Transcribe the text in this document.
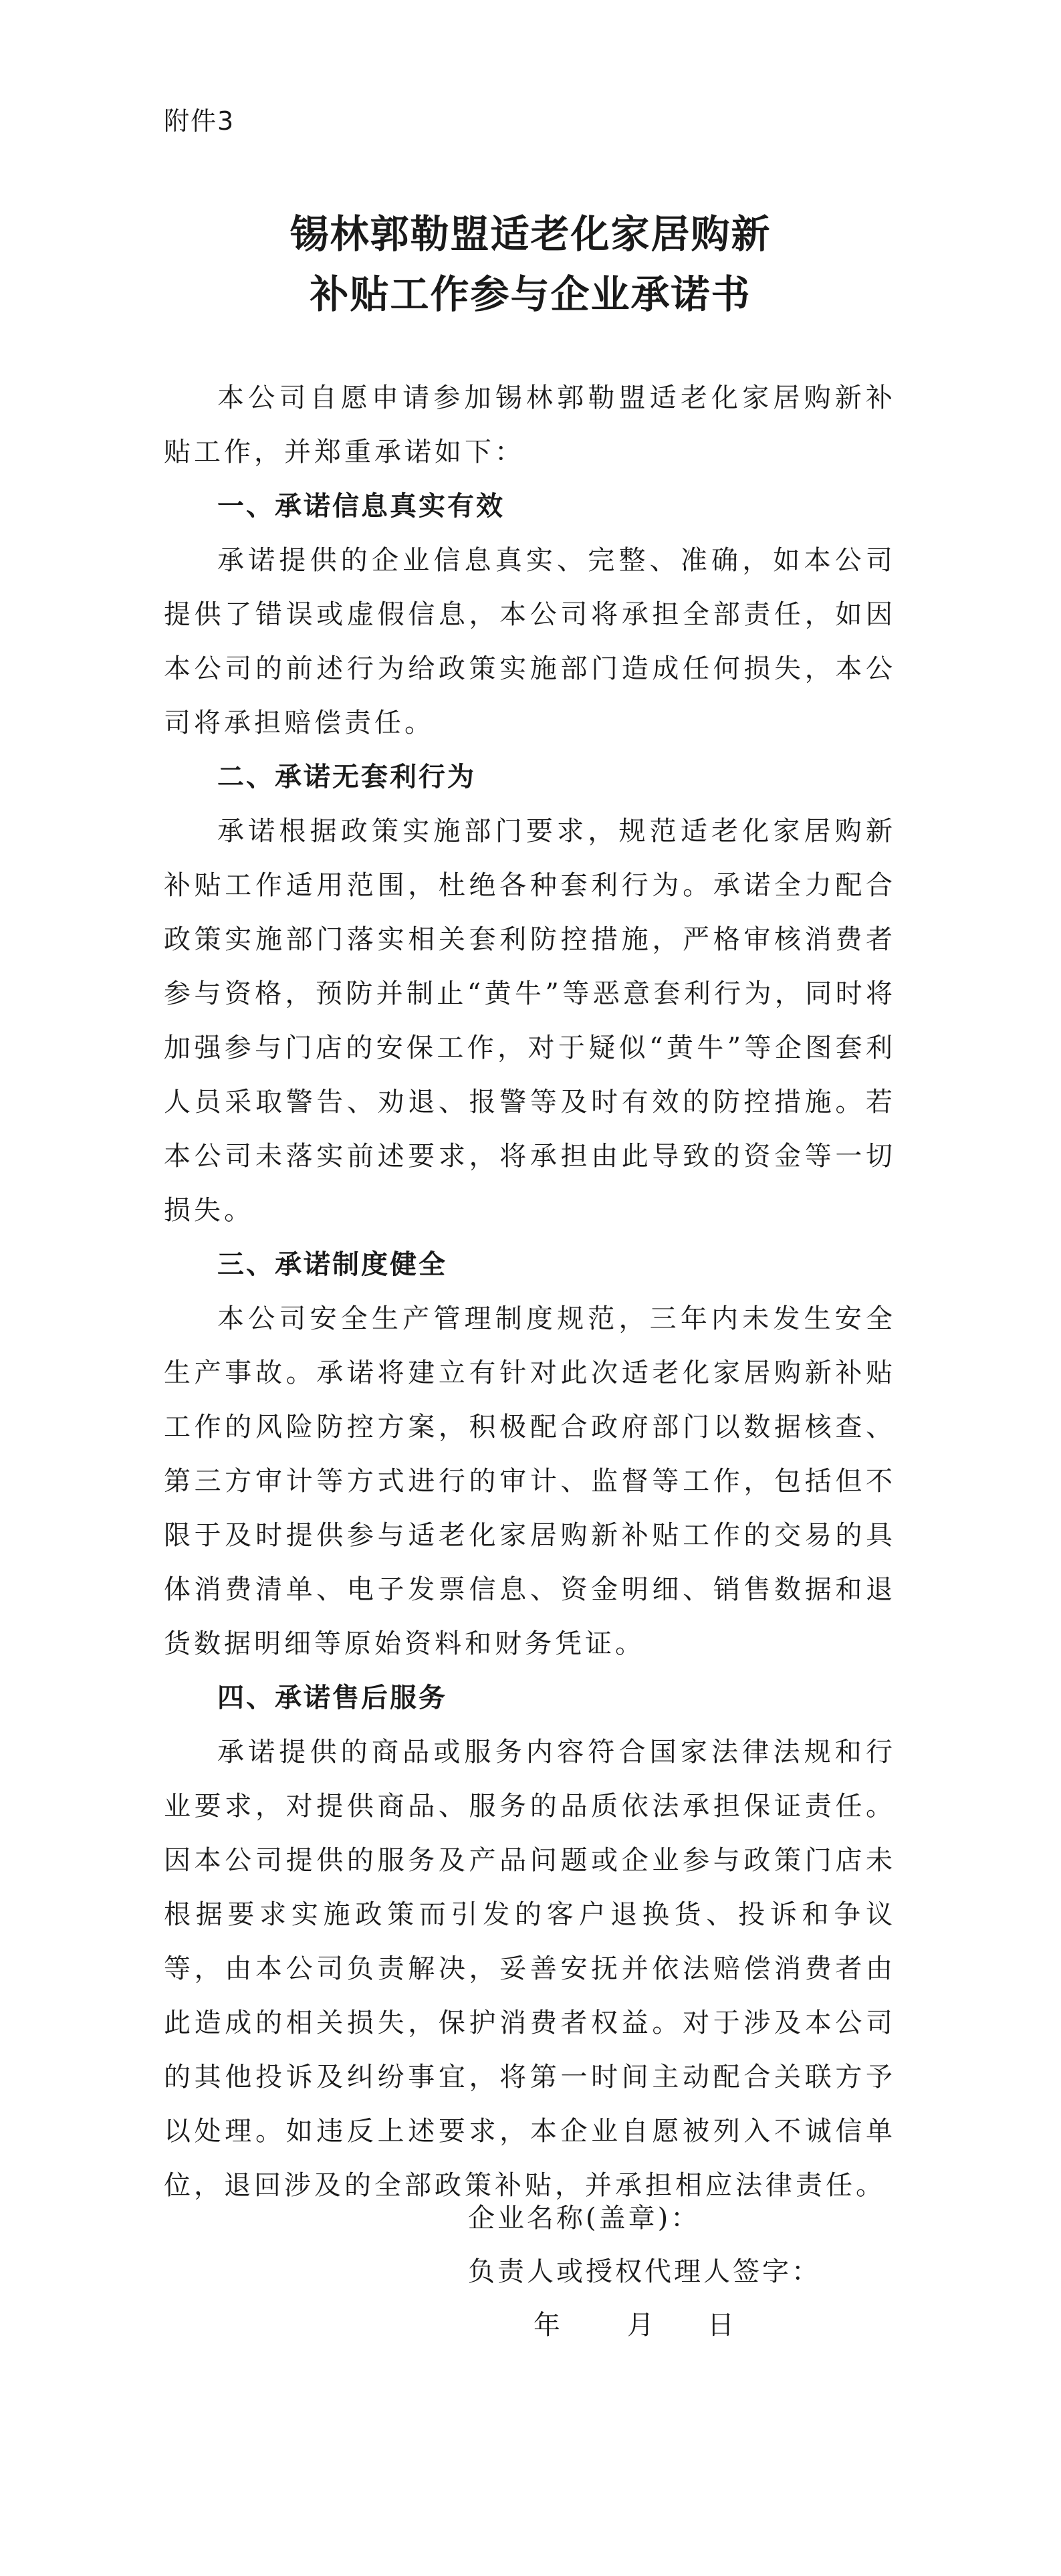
附件3
锡林郭勒盟适老化家居购新
补贴工作参与企业承诺书

本公司自愿申请参加锡林郭勒盟适老化家居购新补贴工作，并郑重承诺如下：

一、承诺信息真实有效

承诺提供的企业信息真实、完整、准确，如本公司提供了错误或虚假信息，本公司将承担全部责任，如因本公司的前述行为给政策实施部门造成任何损失，本公司将承担赔偿责任。

二、承诺无套利行为

承诺根据政策实施部门要求，规范适老化家居购新补贴工作适用范围，杜绝各种套利行为。承诺全力配合政策实施部门落实相关套利防控措施，严格审核消费者参与资格，预防并制止“黄牛”等恶意套利行为，同时将加强参与门店的安保工作，对于疑似“黄牛”等企图套利人员采取警告、劝退、报警等及时有效的防控措施。若本公司未落实前述要求，将承担由此导致的资金等一切损失。

三、承诺制度健全

本公司安全生产管理制度规范，三年内未发生安全生产事故。承诺将建立有针对此次适老化家居购新补贴工作的风险防控方案，积极配合政府部门以数据核查、第三方审计等方式进行的审计、监督等工作，包括但不限于及时提供参与适老化家居购新补贴工作的交易的具体消费清单、电子发票信息、资金明细、销售数据和退货数据明细等原始资料和财务凭证。

四、承诺售后服务

承诺提供的商品或服务内容符合国家法律法规和行业要求，对提供商品、服务的品质依法承担保证责任。因本公司提供的服务及产品问题或企业参与政策门店未根据要求实施政策而引发的客户退换货、投诉和争议等，由本公司负责解决，妥善安抚并依法赔偿消费者由此造成的相关损失，保护消费者权益。对于涉及本公司的其他投诉及纠纷事宜，将第一时间主动配合关联方予以处理。如违反上述要求，本企业自愿被列入不诚信单位，退回涉及的全部政策补贴，并承担相应法律责任。

企业名称(盖章)：
负责人或授权代理人签字：
年	月 日
